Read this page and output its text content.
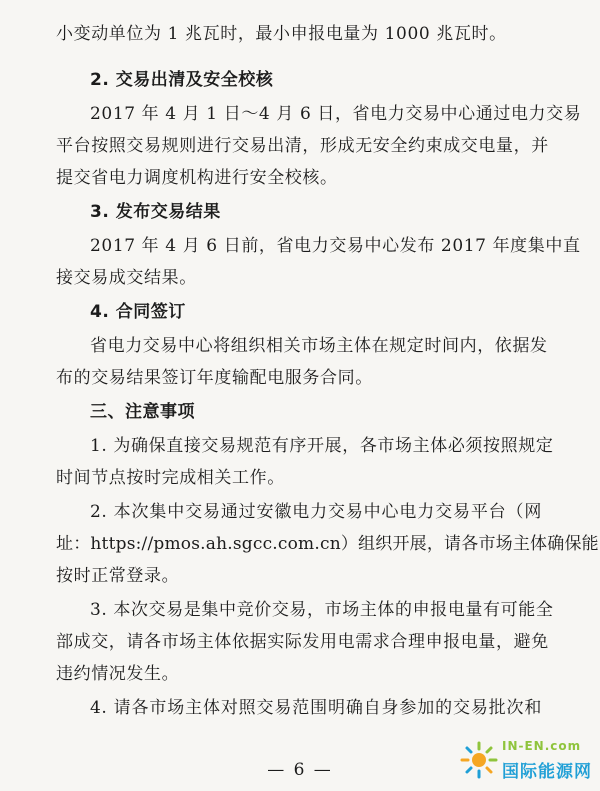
小变动单位为 1 兆瓦时，最小申报电量为 1000 兆瓦时。
2. 交易出清及安全校核
2017 年 4 月 1 日～4 月 6 日，省电力交易中心通过电力交易
平台按照交易规则进行交易出清，形成无安全约束成交电量，并
提交省电力调度机构进行安全校核。
3. 发布交易结果
2017 年 4 月 6 日前，省电力交易中心发布 2017 年度集中直
接交易成交结果。
4. 合同签订
省电力交易中心将组织相关市场主体在规定时间内，依据发
布的交易结果签订年度输配电服务合同。
三、注意事项
1. 为确保直接交易规范有序开展，各市场主体必须按照规定
时间节点按时完成相关工作。
2. 本次集中交易通过安徽电力交易中心电力交易平台（网
址：https://pmos.ah.sgcc.com.cn）组织开展，请各市场主体确保能
按时正常登录。
3. 本次交易是集中竞价交易，市场主体的申报电量有可能全
部成交，请各市场主体依据实际发用电需求合理申报电量，避免
违约情况发生。
4. 请各市场主体对照交易范围明确自身参加的交易批次和
— 6 —
IN-EN.com
国际能源网
